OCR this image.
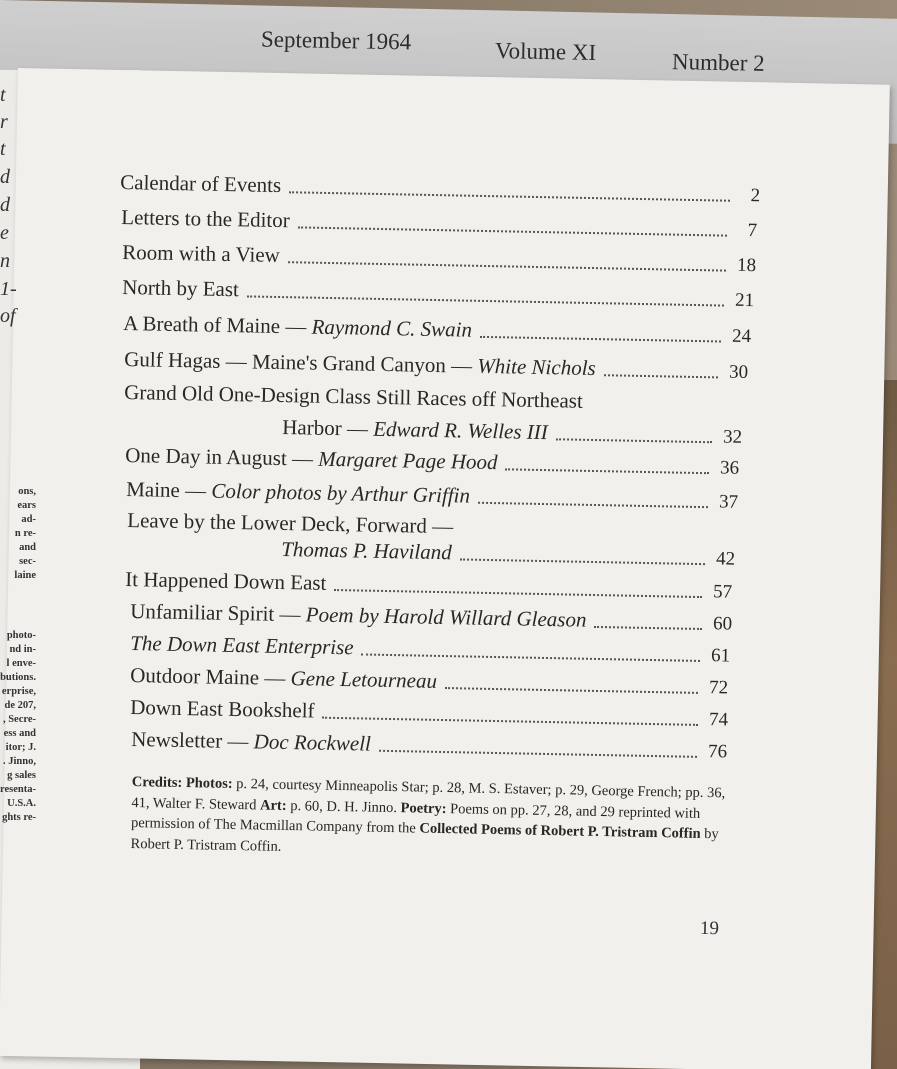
September 1964	Volume XI	Number 2
t
r
t
d
d
e
n
1-
of
ons,
ears
ad-
n re-
and
sec-
laine
photo-
nd in-
l enve-
butions.
erprise,
de 207,
, Secre-
ess and
itor; J.
. Jinno,
g sales
resenta-
U.S.A.
ghts re-
Calendar of Events	2
Letters to the Editor	7
Room with a View	18
North by East	21
A Breath of Maine — Raymond C. Swain	24
Gulf Hagas — Maine's Grand Canyon — White Nichols	30
Grand Old One-Design Class Still Races off Northeast
Harbor — Edward R. Welles III	32
One Day in August — Margaret Page Hood	36
Maine — Color photos by Arthur Griffin	37
Leave by the Lower Deck, Forward —
Thomas P. Haviland	42
It Happened Down East	57
Unfamiliar Spirit — Poem by Harold Willard Gleason	60
The Down East Enterprise	61
Outdoor Maine — Gene Letourneau	72
Down East Bookshelf	74
Newsletter — Doc Rockwell	76
Credits: Photos: p. 24, courtesy Minneapolis Star; p. 28, M. S. Estaver; p. 29, George French; pp. 36, 41, Walter F. Steward Art: p. 60, D. H. Jinno. Poetry: Poems on pp. 27, 28, and 29 reprinted with permission of The Macmillan Company from the Collected Poems of Robert P. Tristram Coffin by Robert P. Tristram Coffin.
19
